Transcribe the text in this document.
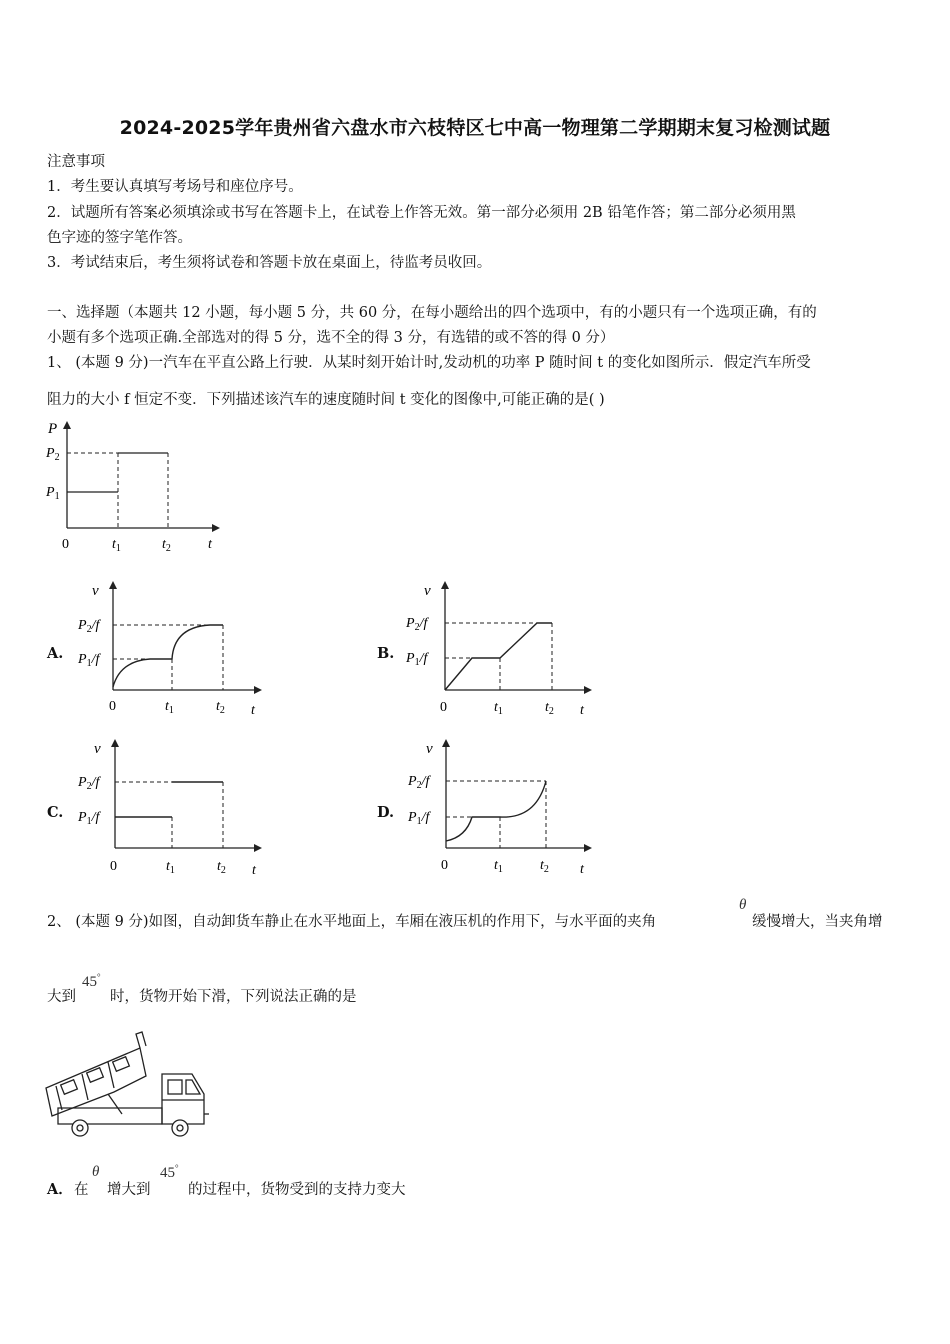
2024-2025学年贵州省六盘水市六枝特区七中高一物理第二学期期末复习检测试题
注意事项
1．考生要认真填写考场号和座位序号。
2．试题所有答案必须填涂或书写在答题卡上，在试卷上作答无效。第一部分必须用 2B 铅笔作答；第二部分必须用黑
色字迹的签字笔作答。
3．考试结束后，考生须将试卷和答题卡放在桌面上，待监考员收回。
一、选择题（本题共 12 小题，每小题 5 分，共 60 分，在每小题给出的四个选项中，有的小题只有一个选项正确，有的
小题有多个选项正确.全部选对的得 5 分，选不全的得 3 分，有选错的或不答的得 0 分）
1、 (本题 9 分)一汽车在平直公路上行驶．从某时刻开始计时,发动机的功率 P 随时间 t 的变化如图所示．假定汽车所受
阻力的大小 f 恒定不变．下列描述该汽车的速度随时间 t 变化的图像中,可能正确的是( )
P
$P_2$
$P_1$
0	$t_1$	$t_2$	t
A.	B.
C.	D.
v
$P_2/f$
$P_1/f$
0	$t_1$	$t_2$ t
v
$P_2/f$
$P_1/f$
0	$t_1$	$t_2$ t
v
$P_2/f$
$P_1/f$
0	$t_1$	$t_2$ t
v
$P_2/f$
$P_1/f$
0	$t_1$	$t_2$ t
2、 (本题 9 分)如图，自动卸货车静止在水平地面上，车厢在液压机的作用下，与水平面的夹角
θ
缓慢增大，当夹角增
大到
45°
时，货物开始下滑，下列说法正确的是
A． 在
θ
增大到
45°
的过程中，货物受到的支持力变大
